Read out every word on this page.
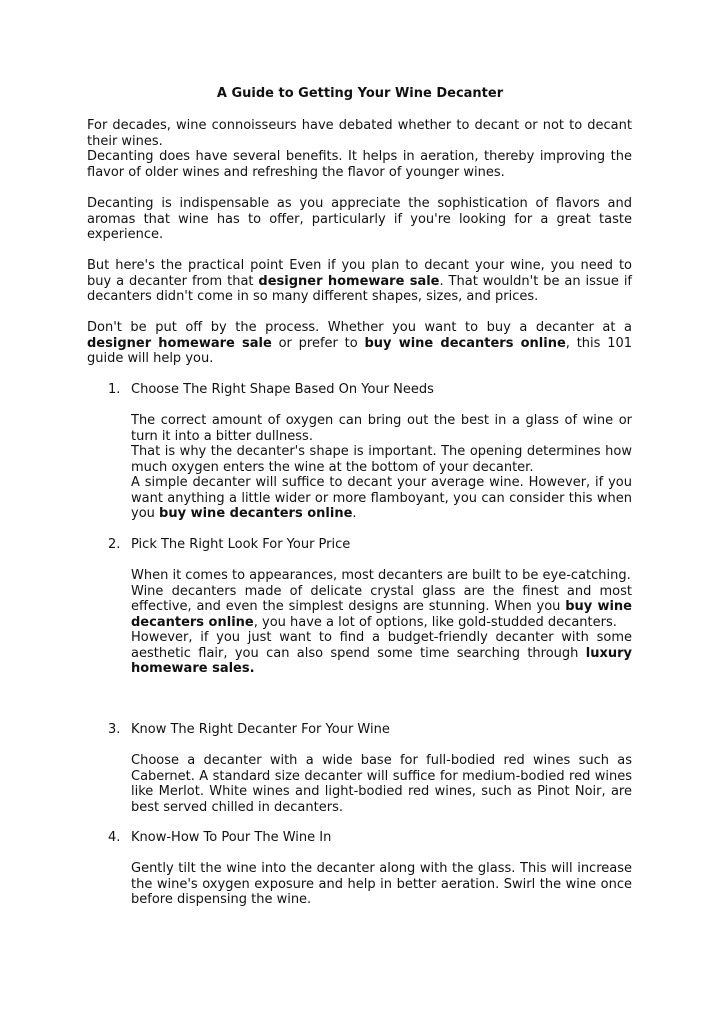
A Guide to Getting Your Wine Decanter
For decades, wine connoisseurs have debated whether to decant or not to decant their wines.
Decanting does have several benefits. It helps in aeration, thereby improving the flavor of older wines and refreshing the flavor of younger wines.

Decanting is indispensable as you appreciate the sophistication of flavors and aromas that wine has to offer, particularly if you're looking for a great taste experience.

But here's the practical point Even if you plan to decant your wine, you need to buy a decanter from that designer homeware sale. That wouldn't be an issue if decanters didn't come in so many different shapes, sizes, and prices.

Don't be put off by the process. Whether you want to buy a decanter at a designer homeware sale or prefer to buy wine decanters online, this 101 guide will help you.

1. Choose The Right Shape Based On Your Needs
The correct amount of oxygen can bring out the best in a glass of wine or turn it into a bitter dullness.
That is why the decanter's shape is important. The opening determines how much oxygen enters the wine at the bottom of your decanter.
A simple decanter will suffice to decant your average wine. However, if you want anything a little wider or more flamboyant, you can consider this when you buy wine decanters online.
2. Pick The Right Look For Your Price
When it comes to appearances, most decanters are built to be eye-catching.
Wine decanters made of delicate crystal glass are the finest and most effective, and even the simplest designs are stunning. When you buy wine decanters online, you have a lot of options, like gold-studded decanters.
However, if you just want to find a budget-friendly decanter with some aesthetic flair, you can also spend some time searching through luxury homeware sales.
3. Know The Right Decanter For Your Wine
Choose a decanter with a wide base for full-bodied red wines such as Cabernet. A standard size decanter will suffice for medium-bodied red wines like Merlot. White wines and light-bodied red wines, such as Pinot Noir, are best served chilled in decanters.
4. Know-How To Pour The Wine In
Gently tilt the wine into the decanter along with the glass. This will increase the wine's oxygen exposure and help in better aeration. Swirl the wine once before dispensing the wine.
